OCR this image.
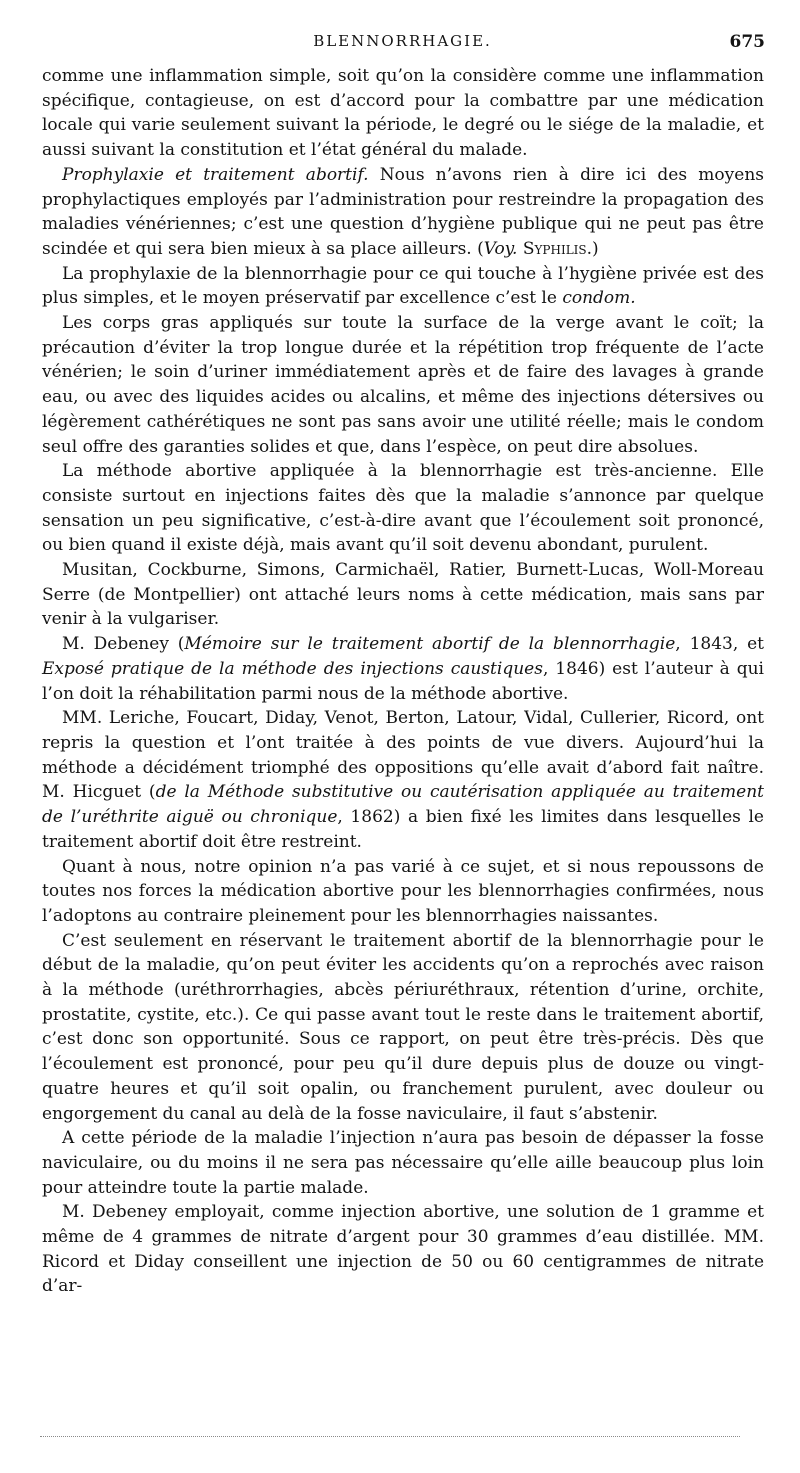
BLENNORRHAGIE.	675

comme une inflammation simple, soit qu’on la considère comme une inflammation spécifique, contagieuse, on est d’accord pour la combattre par une médication locale qui varie seulement suivant la période, le degré ou le siége de la maladie, et aussi suivant la constitution et l’état général du malade.

Prophylaxie et traitement abortif. Nous n’avons rien à dire ici des moyens prophylactiques employés par l’administration pour restreindre la propagation des maladies vénériennes; c’est une question d’hygiène publique qui ne peut pas être scindée et qui sera bien mieux à sa place ailleurs. (Voy. Syphilis.)

La prophylaxie de la blennorrhagie pour ce qui touche à l’hygiène privée est des plus simples, et le moyen préservatif par excellence c’est le condom.

Les corps gras appliqués sur toute la surface de la verge avant le coït; la précaution d’éviter la trop longue durée et la répétition trop fréquente de l’acte vénérien; le soin d’uriner immédiatement après et de faire des lavages à grande eau, ou avec des liquides acides ou alcalins, et même des injections détersives ou légèrement cathérétiques ne sont pas sans avoir une utilité réelle; mais le condom seul offre des garanties solides et que, dans l’espèce, on peut dire absolues.

La méthode abortive appliquée à la blennorrhagie est très-ancienne. Elle consiste surtout en injections faites dès que la maladie s’annonce par quelque sensation un peu significative, c’est-à-dire avant que l’écoulement soit prononcé, ou bien quand il existe déjà, mais avant qu’il soit devenu abondant, purulent.

Musitan, Cockburne, Simons, Carmichaël, Ratier, Burnett-Lucas, Woll-Moreau Serre (de Montpellier) ont attaché leurs noms à cette médication, mais sans par venir à la vulgariser.

M. Debeney (Mémoire sur le traitement abortif de la blennorrhagie, 1843, et Exposé pratique de la méthode des injections caustiques, 1846) est l’auteur à qui l’on doit la réhabilitation parmi nous de la méthode abortive.

MM. Leriche, Foucart, Diday, Venot, Berton, Latour, Vidal, Cullerier, Ricord, ont repris la question et l’ont traitée à des points de vue divers. Aujourd’hui la méthode a décidément triomphé des oppositions qu’elle avait d’abord fait naître. M. Hicguet (de la Méthode substitutive ou cautérisation appliquée au traitement de l’uréthrite aiguë ou chronique, 1862) a bien fixé les limites dans lesquelles le traitement abortif doit être restreint.

Quant à nous, notre opinion n’a pas varié à ce sujet, et si nous repoussons de toutes nos forces la médication abortive pour les blennorrhagies confirmées, nous l’adoptons au contraire pleinement pour les blennorrhagies naissantes.

C’est seulement en réservant le traitement abortif de la blennorrhagie pour le début de la maladie, qu’on peut éviter les accidents qu’on a reprochés avec raison à la méthode (uréthrorrhagies, abcès périuréthraux, rétention d’urine, orchite, prostatite, cystite, etc.). Ce qui passe avant tout le reste dans le traitement abortif, c’est donc son opportunité. Sous ce rapport, on peut être très-précis. Dès que l’écoulement est prononcé, pour peu qu’il dure depuis plus de douze ou vingt-quatre heures et qu’il soit opalin, ou franchement purulent, avec douleur ou engorgement du canal au delà de la fosse naviculaire, il faut s’abstenir.

A cette période de la maladie l’injection n’aura pas besoin de dépasser la fosse naviculaire, ou du moins il ne sera pas nécessaire qu’elle aille beaucoup plus loin pour atteindre toute la partie malade.

M. Debeney employait, comme injection abortive, une solution de 1 gramme et même de 4 grammes de nitrate d’argent pour 30 grammes d’eau distillée. MM. Ricord et Diday conseillent une injection de 50 ou 60 centigrammes de nitrate d’ar-
